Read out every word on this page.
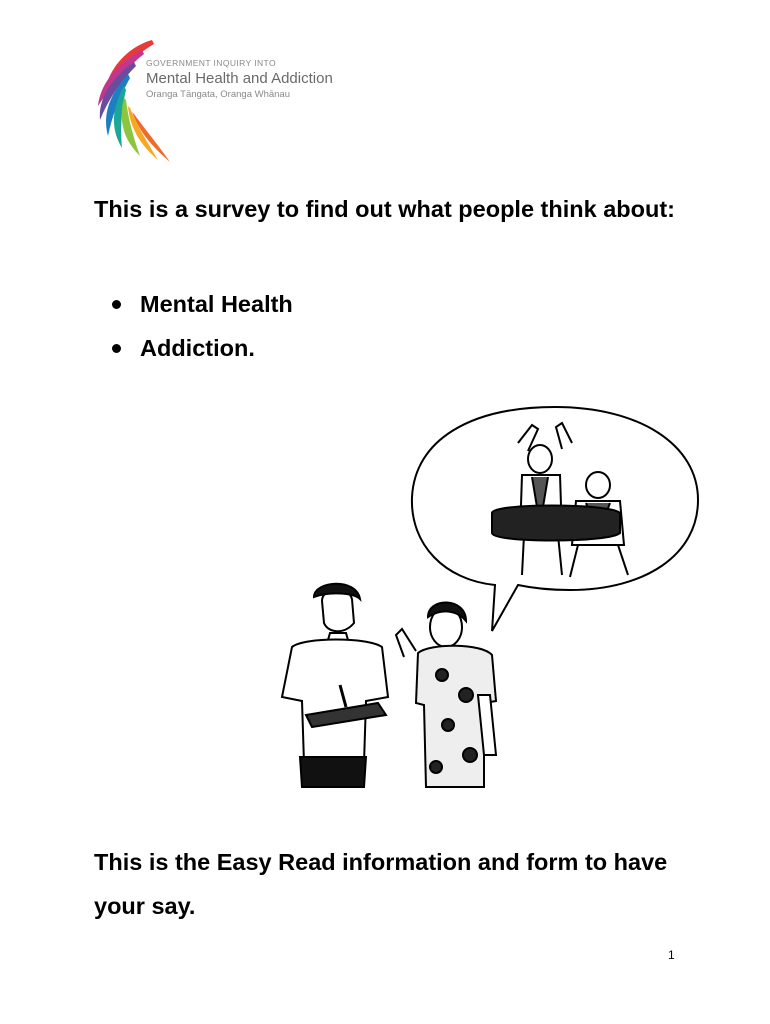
GOVERNMENT INQUIRY INTO
Mental Health and Addiction
Oranga Tāngata, Oranga Whānau

This is a survey to find out what people think about:

Mental Health
Addiction.

This is the Easy Read information and form to have your say.

1
